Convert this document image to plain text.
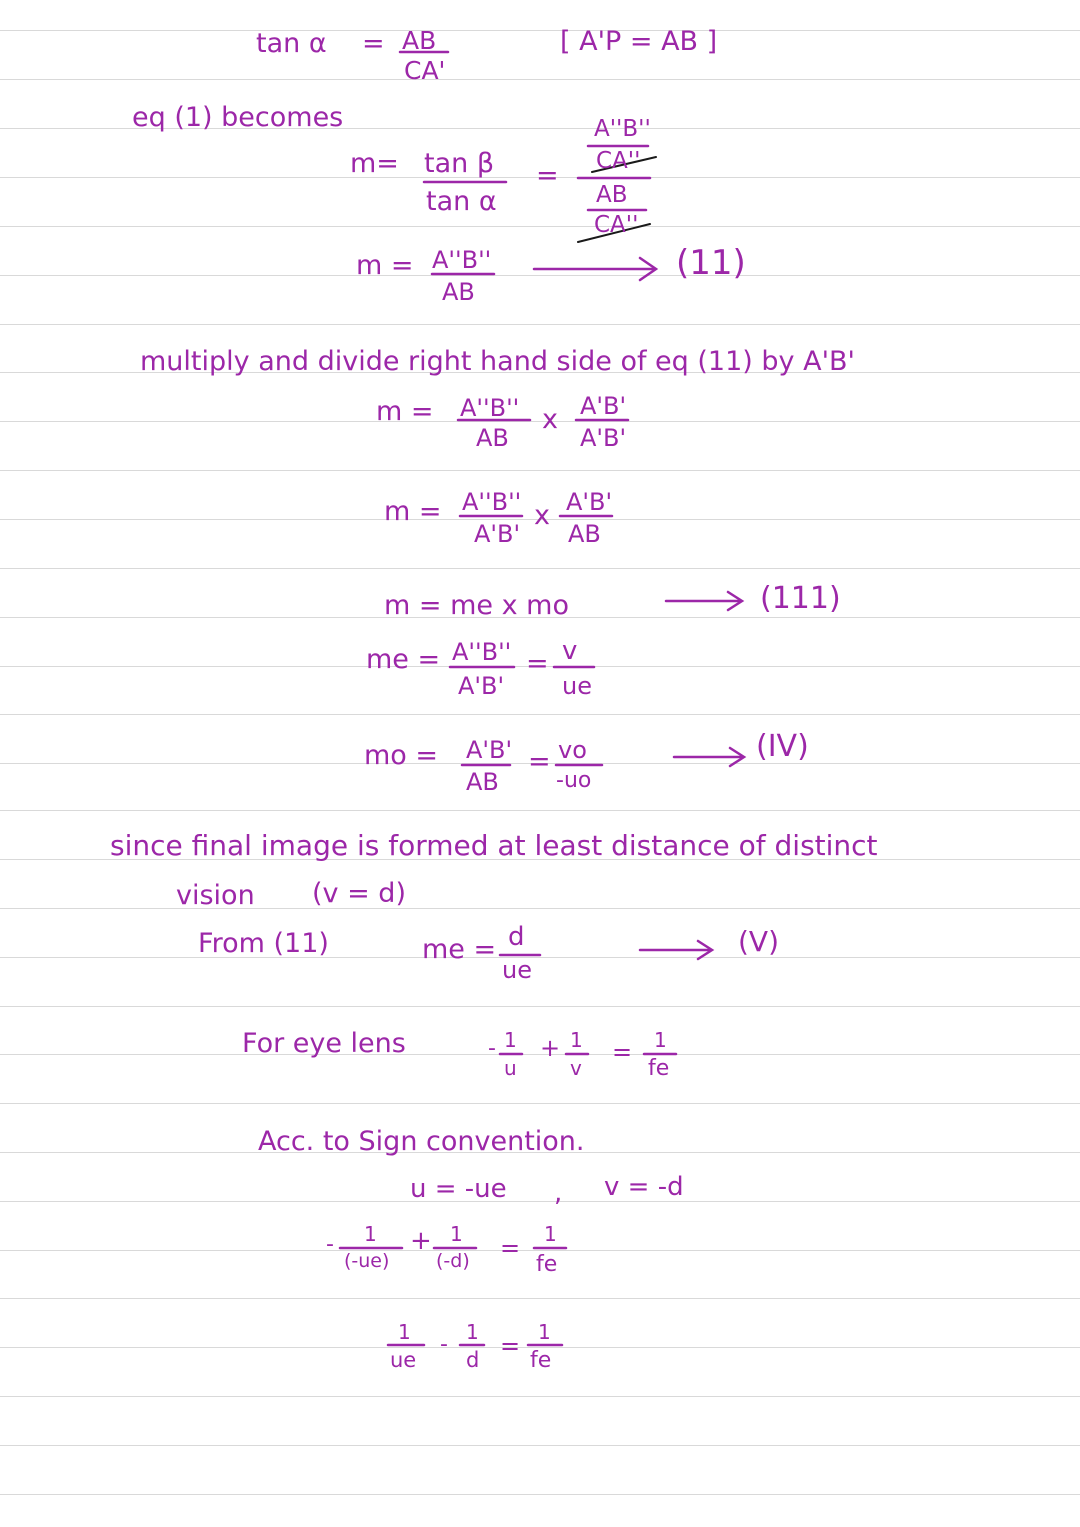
tan α = AB
CA'
[ A'P = AB ]
eq (1) becomes
m= tan β
tan α
=
A''B''
CA''
AB
CA''
m = A''B''
AB
(11)
multiply and divide right hand side of eq (11) by A'B'
m = A''B''
AB
x A'B'
A'B'
m = A''B''
A'B'
x A'B'
AB
m = me x mo	(111)
me = A''B''
A'B'
= v
ue
mo = A'B'
AB
= vo
-uo
(IV)
since final image is formed at least distance of distinct
vision (v = d)
From (11)	me = d
ue
(V)
For eye lens	- 1
u
+ 1
v
= 1
fe
Acc. to Sign convention.
u = -ue , v = -d
- 1
(-ue)
+ 1
(-d) = 1
fe
1
ue
- 1
d = 1
fe
